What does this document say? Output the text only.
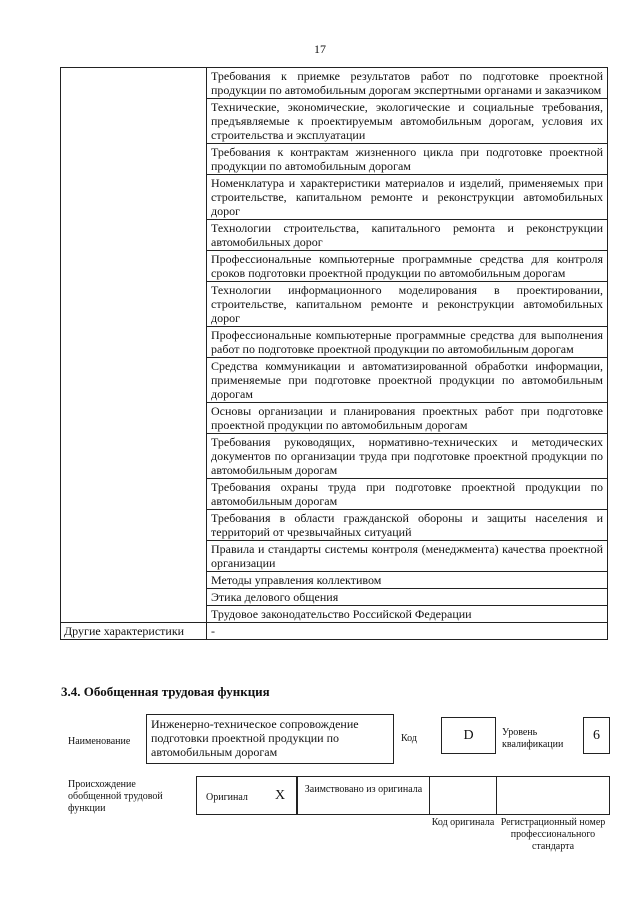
17
	Требования к приемке результатов работ по подготовке проектной продукции по автомобильным дорогам экспертными органами и заказчиком
	Технические, экономические, экологические и социальные требования, предъявляемые к проектируемым автомобильным дорогам, условия их строительства и эксплуатации
	Требования к контрактам жизненного цикла при подготовке проектной продукции по автомобильным дорогам
	Номенклатура и характеристики материалов и изделий, применяемых при строительстве, капитальном ремонте и реконструкции автомобильных дорог
	Технологии строительства, капитального ремонта и реконструкции автомобильных дорог
	Профессиональные компьютерные программные средства для контроля сроков подготовки проектной продукции по автомобильным дорогам
	Технологии информационного моделирования в проектировании, строительстве, капитальном ремонте и реконструкции автомобильных дорог
	Профессиональные компьютерные программные средства для выполнения работ по подготовке проектной продукции по автомобильным дорогам
	Средства коммуникации и автоматизированной обработки информации, применяемые при подготовке проектной продукции по автомобильным дорогам
	Основы организации и планирования проектных работ при подготовке проектной продукции по автомобильным дорогам
	Требования руководящих, нормативно-технических и методических документов по организации труда при подготовке проектной продукции по автомобильным дорогам
	Требования охраны труда при подготовке проектной продукции по автомобильным дорогам
	Требования в области гражданской обороны и защиты населения и территорий от чрезвычайных ситуаций
	Правила и стандарты системы контроля (менеджмента) качества проектной организации
	Методы управления коллективом
	Этика делового общения
	Трудовое законодательство Российской Федерации
Другие характеристики	-
3.4. Обобщенная трудовая функция
Наименование
Инженерно-техническое сопровождение подготовки проектной продукции по автомобильным дорогам
Код	D	Уровень квалификации
6
Происхождение обобщенной трудовой функции
Оригинал	X	Заимствовано из оригинала
Код оригинала Регистрационный номер профессионального стандарта
